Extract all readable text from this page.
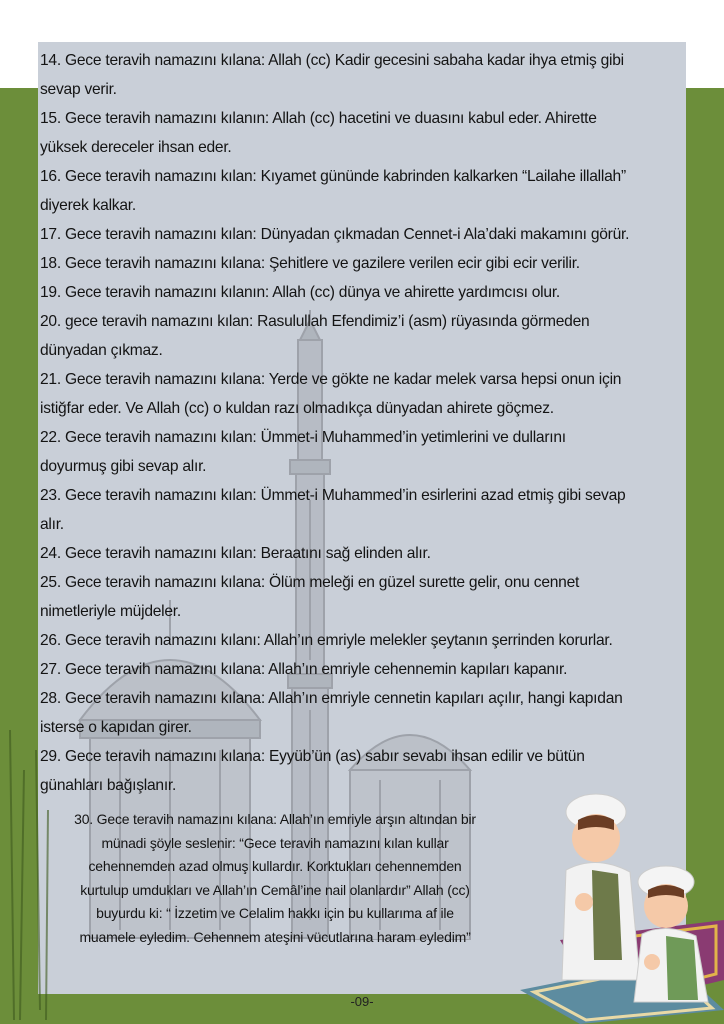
14. Gece teravih namazını kılana: Allah (cc) Kadir gecesini sabaha kadar ihya etmiş gibi

sevap verir.

15. Gece teravih namazını kılanın: Allah (cc) hacetini ve duasını kabul eder. Ahirette

yüksek dereceler ihsan eder.

16. Gece teravih namazını kılan: Kıyamet gününde kabrinden kalkarken “Lailahe illallah”

diyerek kalkar.

17. Gece teravih namazını kılan: Dünyadan çıkmadan Cennet-i Ala’daki makamını görür.

18. Gece teravih namazını kılana: Şehitlere ve gazilere verilen ecir gibi ecir verilir.

19. Gece teravih namazını kılanın: Allah (cc) dünya ve ahirette yardımcısı olur.

20. gece teravih namazını kılan: Rasulullah Efendimiz’i (asm) rüyasında görmeden

dünyadan çıkmaz.

21. Gece teravih namazını kılana: Yerde ve gökte ne kadar melek varsa hepsi onun için

istiğfar eder. Ve Allah (cc) o kuldan razı olmadıkça dünyadan ahirete göçmez.

22. Gece teravih namazını kılan: Ümmet-i Muhammed’in yetimlerini ve dullarını

doyurmuş gibi sevap alır.

23. Gece teravih namazını kılan: Ümmet-i Muhammed’in esirlerini azad etmiş gibi sevap

alır.

24. Gece teravih namazını kılan: Beraatını sağ elinden alır.

25. Gece teravih namazını kılana: Ölüm meleği en güzel surette gelir, onu cennet

nimetleriyle müjdeler.

26. Gece teravih namazını kılanı: Allah’ın emriyle melekler şeytanın şerrinden korurlar.

27. Gece teravih namazını kılana: Allah’ın emriyle cehennemin kapıları kapanır.

28. Gece teravih namazını kılana: Allah’ın emriyle cennetin kapıları açılır, hangi kapıdan

isterse o kapıdan girer.

29. Gece teravih namazını kılana: Eyyüb’ün (as) sabır sevabı ihsan edilir ve bütün

günahları bağışlanır.

30. Gece teravih namazını kılana: Allah’ın emriyle arşın altından bir

münadi şöyle seslenir: “Gece teravih namazını kılan kullar

cehennemden azad olmuş kullardır. Korktukları cehennemden

kurtulup umdukları ve Allah’ın Cemâl’ine nail olanlardır” Allah (cc)

buyurdu ki: “ İzzetim ve Celalim hakkı için bu kullarıma af ile

muamele eyledim. Cehennem ateşini vücutlarına haram eyledim”

-09-
